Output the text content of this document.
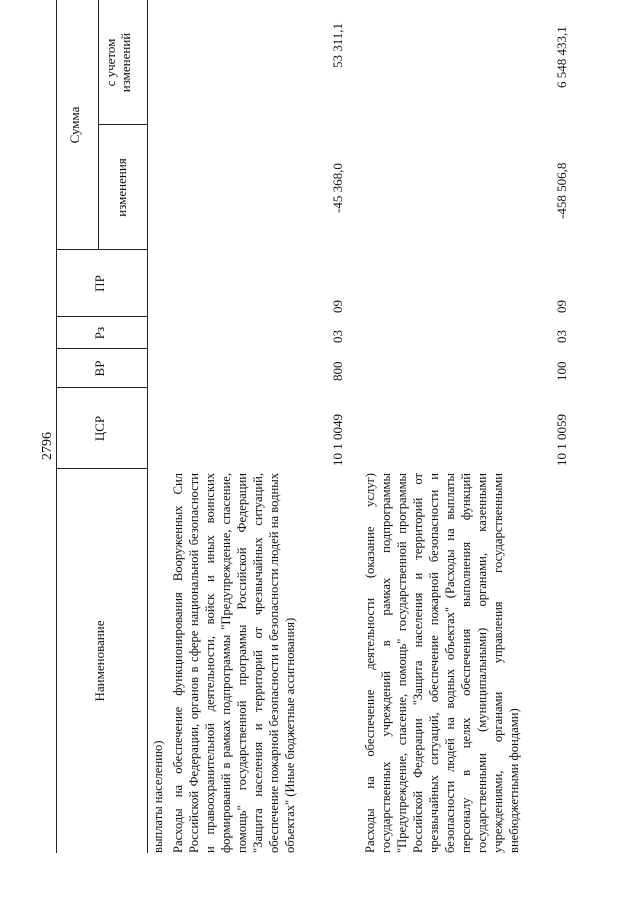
2796
Наименование
ЦСР
ВР
Рз
ПР
Сумма
изменения
с учетом изменений
выплаты населению) Расходы на обеспечение функционирования Вооруженных Сил Российской Федерации, органов в сфере национальной безопасности и правоохранительной деятельности, войск и иных воинских формирований в рамках подпрограммы "Предупреждение, спасение, помощь" государственной программы Российской Федерации "Защита населения и территорий от чрезвычайных ситуаций, обеспечение пожарной безопасности и безопасности людей на водных объектах" (Иные бюджетные ассигнования)
10 1 0049
800
03
09
-45 368,0
53 311,1
Расходы на обеспечение деятельности (оказание услуг) государственных учреждений в рамках подпрограммы "Предупреждение, спасение, помощь" государственной программы Российской Федерации "Защита населения и территорий от чрезвычайных ситуаций, обеспечение пожарной безопасности и безопасности людей на водных объектах" (Расходы на выплаты персоналу в целях обеспечения выполнения функций государственными (муниципальными) органами, казенными учреждениями, органами управления государственными внебюджетными фондами)
10 1 0059
100
03
09
-458 506,8
6 548 433,1
